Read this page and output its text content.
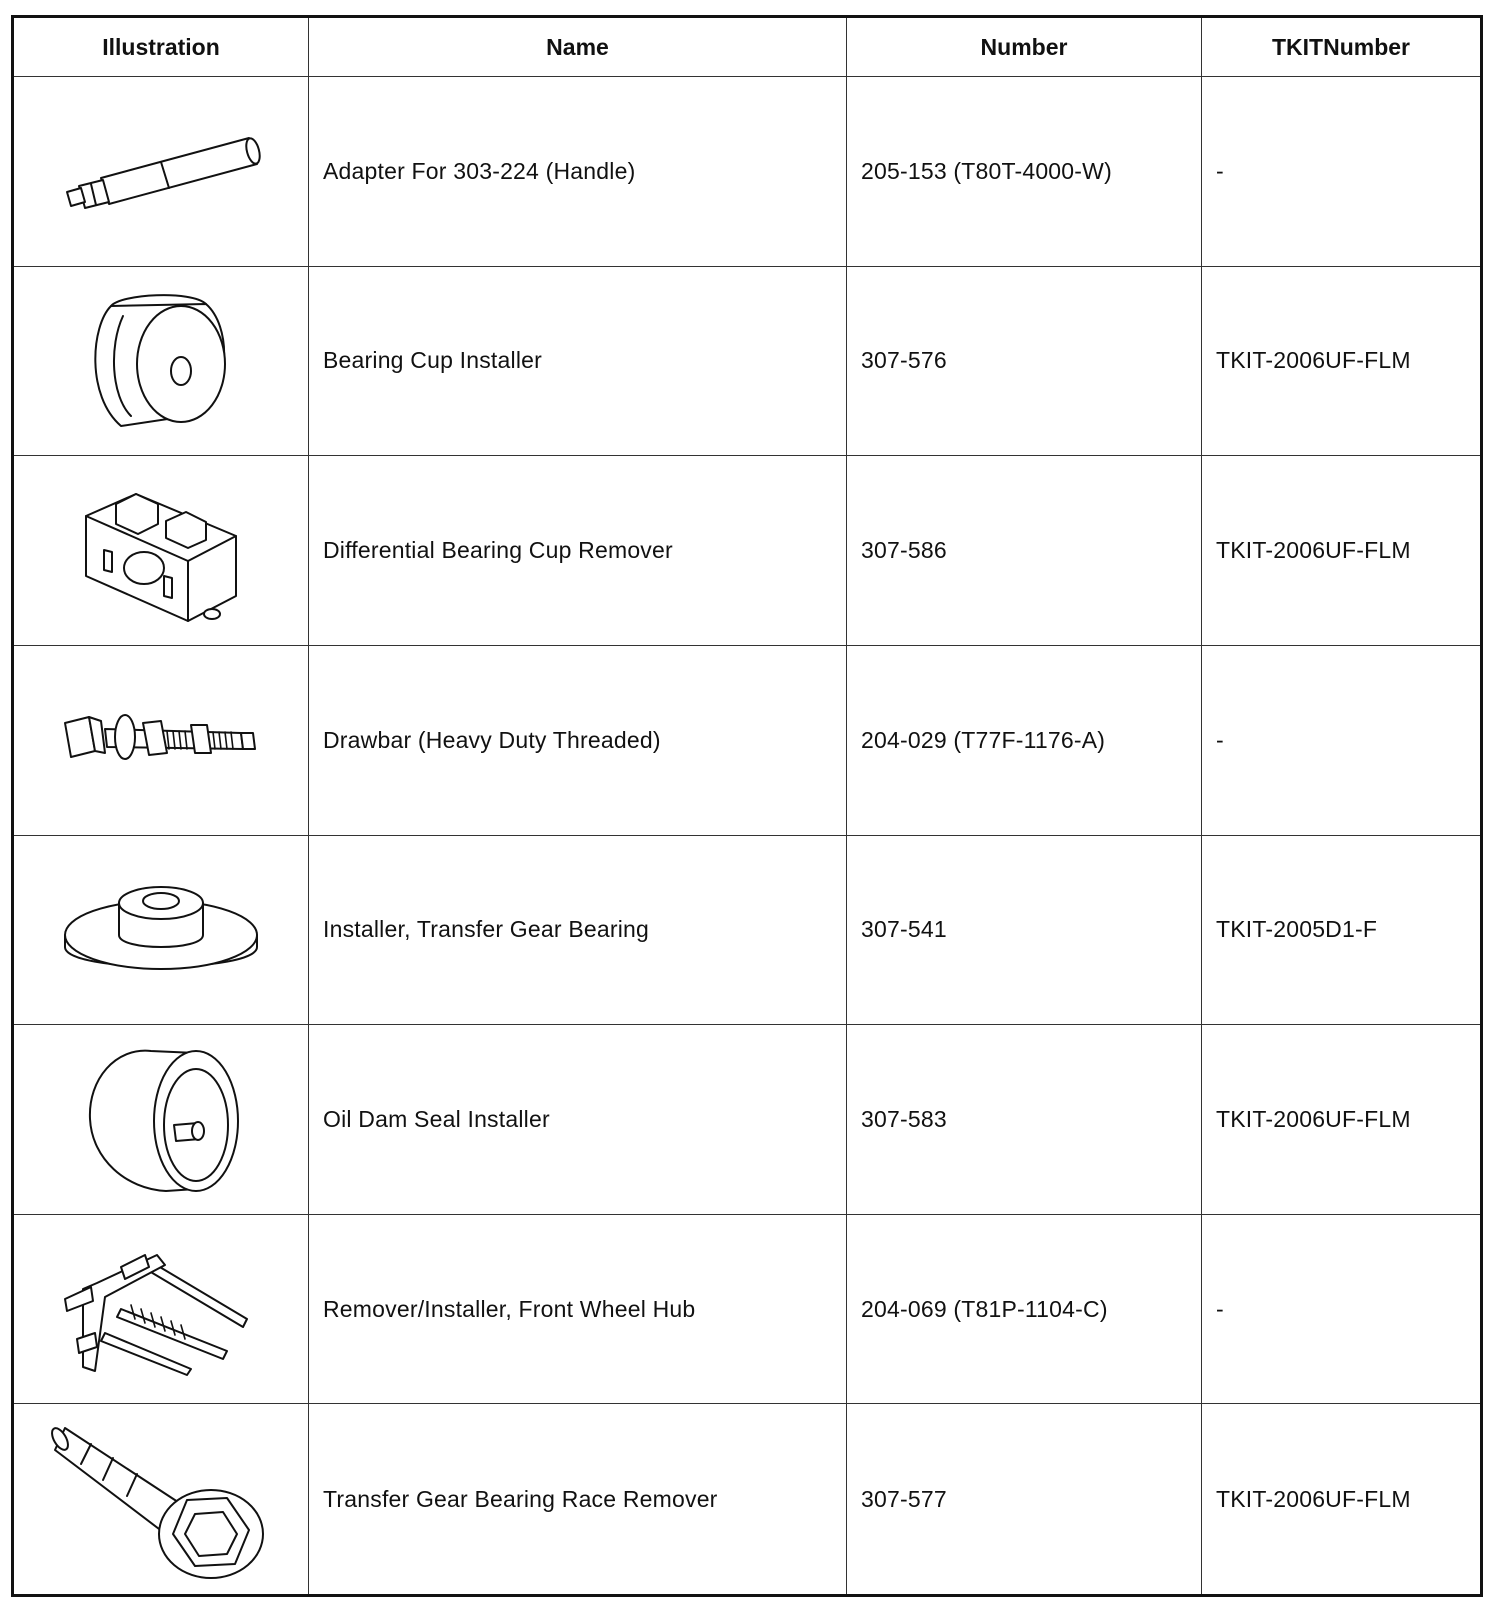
Illustration	Name	Number	TKITNumber
Adapter For 303-224 (Handle)	205-153 (T80T-4000-W)	-
Bearing Cup Installer	307-576	TKIT-2006UF-FLM
Differential Bearing Cup Remover	307-586	TKIT-2006UF-FLM
Drawbar (Heavy Duty Threaded)	204-029 (T77F-1176-A)	-
Installer, Transfer Gear Bearing	307-541	TKIT-2005D1-F
Oil Dam Seal Installer	307-583	TKIT-2006UF-FLM
Remover/Installer, Front Wheel Hub	204-069 (T81P-1104-C)	-
Transfer Gear Bearing Race Remover	307-577	TKIT-2006UF-FLM
